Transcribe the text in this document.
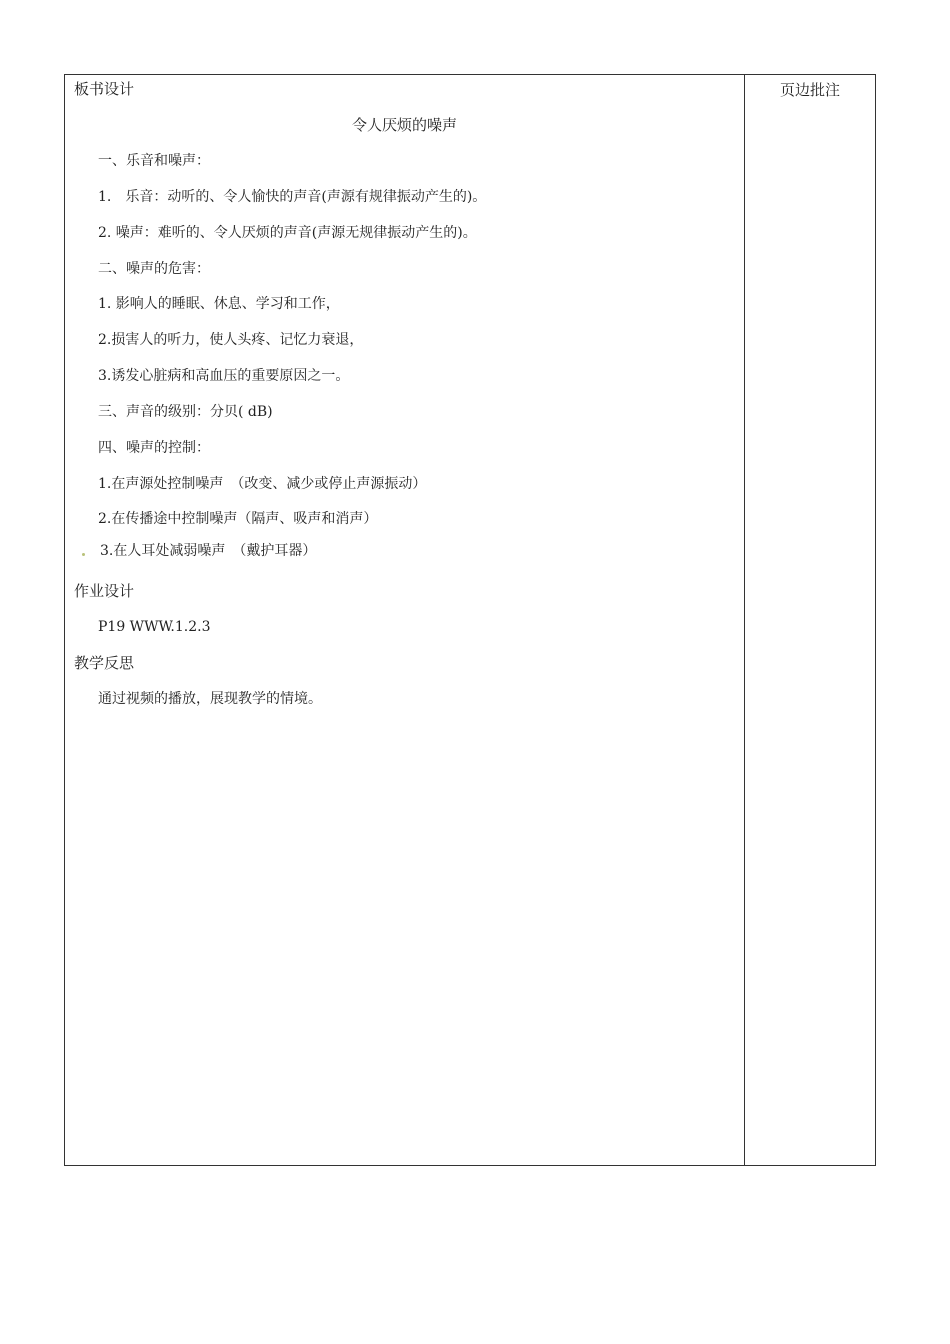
板书设计
令人厌烦的噪声
一、乐音和噪声：
1.　乐音：动听的、令人愉快的声音(声源有规律振动产生的)。
2. 噪声：难听的、令人厌烦的声音(声源无规律振动产生的)。
二、噪声的危害：
1. 影响人的睡眠、休息、学习和工作，
2.损害人的听力，使人头疼、记忆力衰退，
3.诱发心脏病和高血压的重要原因之一。
三、声音的级别：分贝( dB)
四、噪声的控制：
1.在声源处控制噪声　（改变、减少或停止声源振动）
2.在传播途中控制噪声（隔声、吸声和消声）
3.在人耳处减弱噪声　（戴护耳器）
作业设计
P19 WWW.1.2.3
教学反思
通过视频的播放，展现教学的情境。
页边批注
